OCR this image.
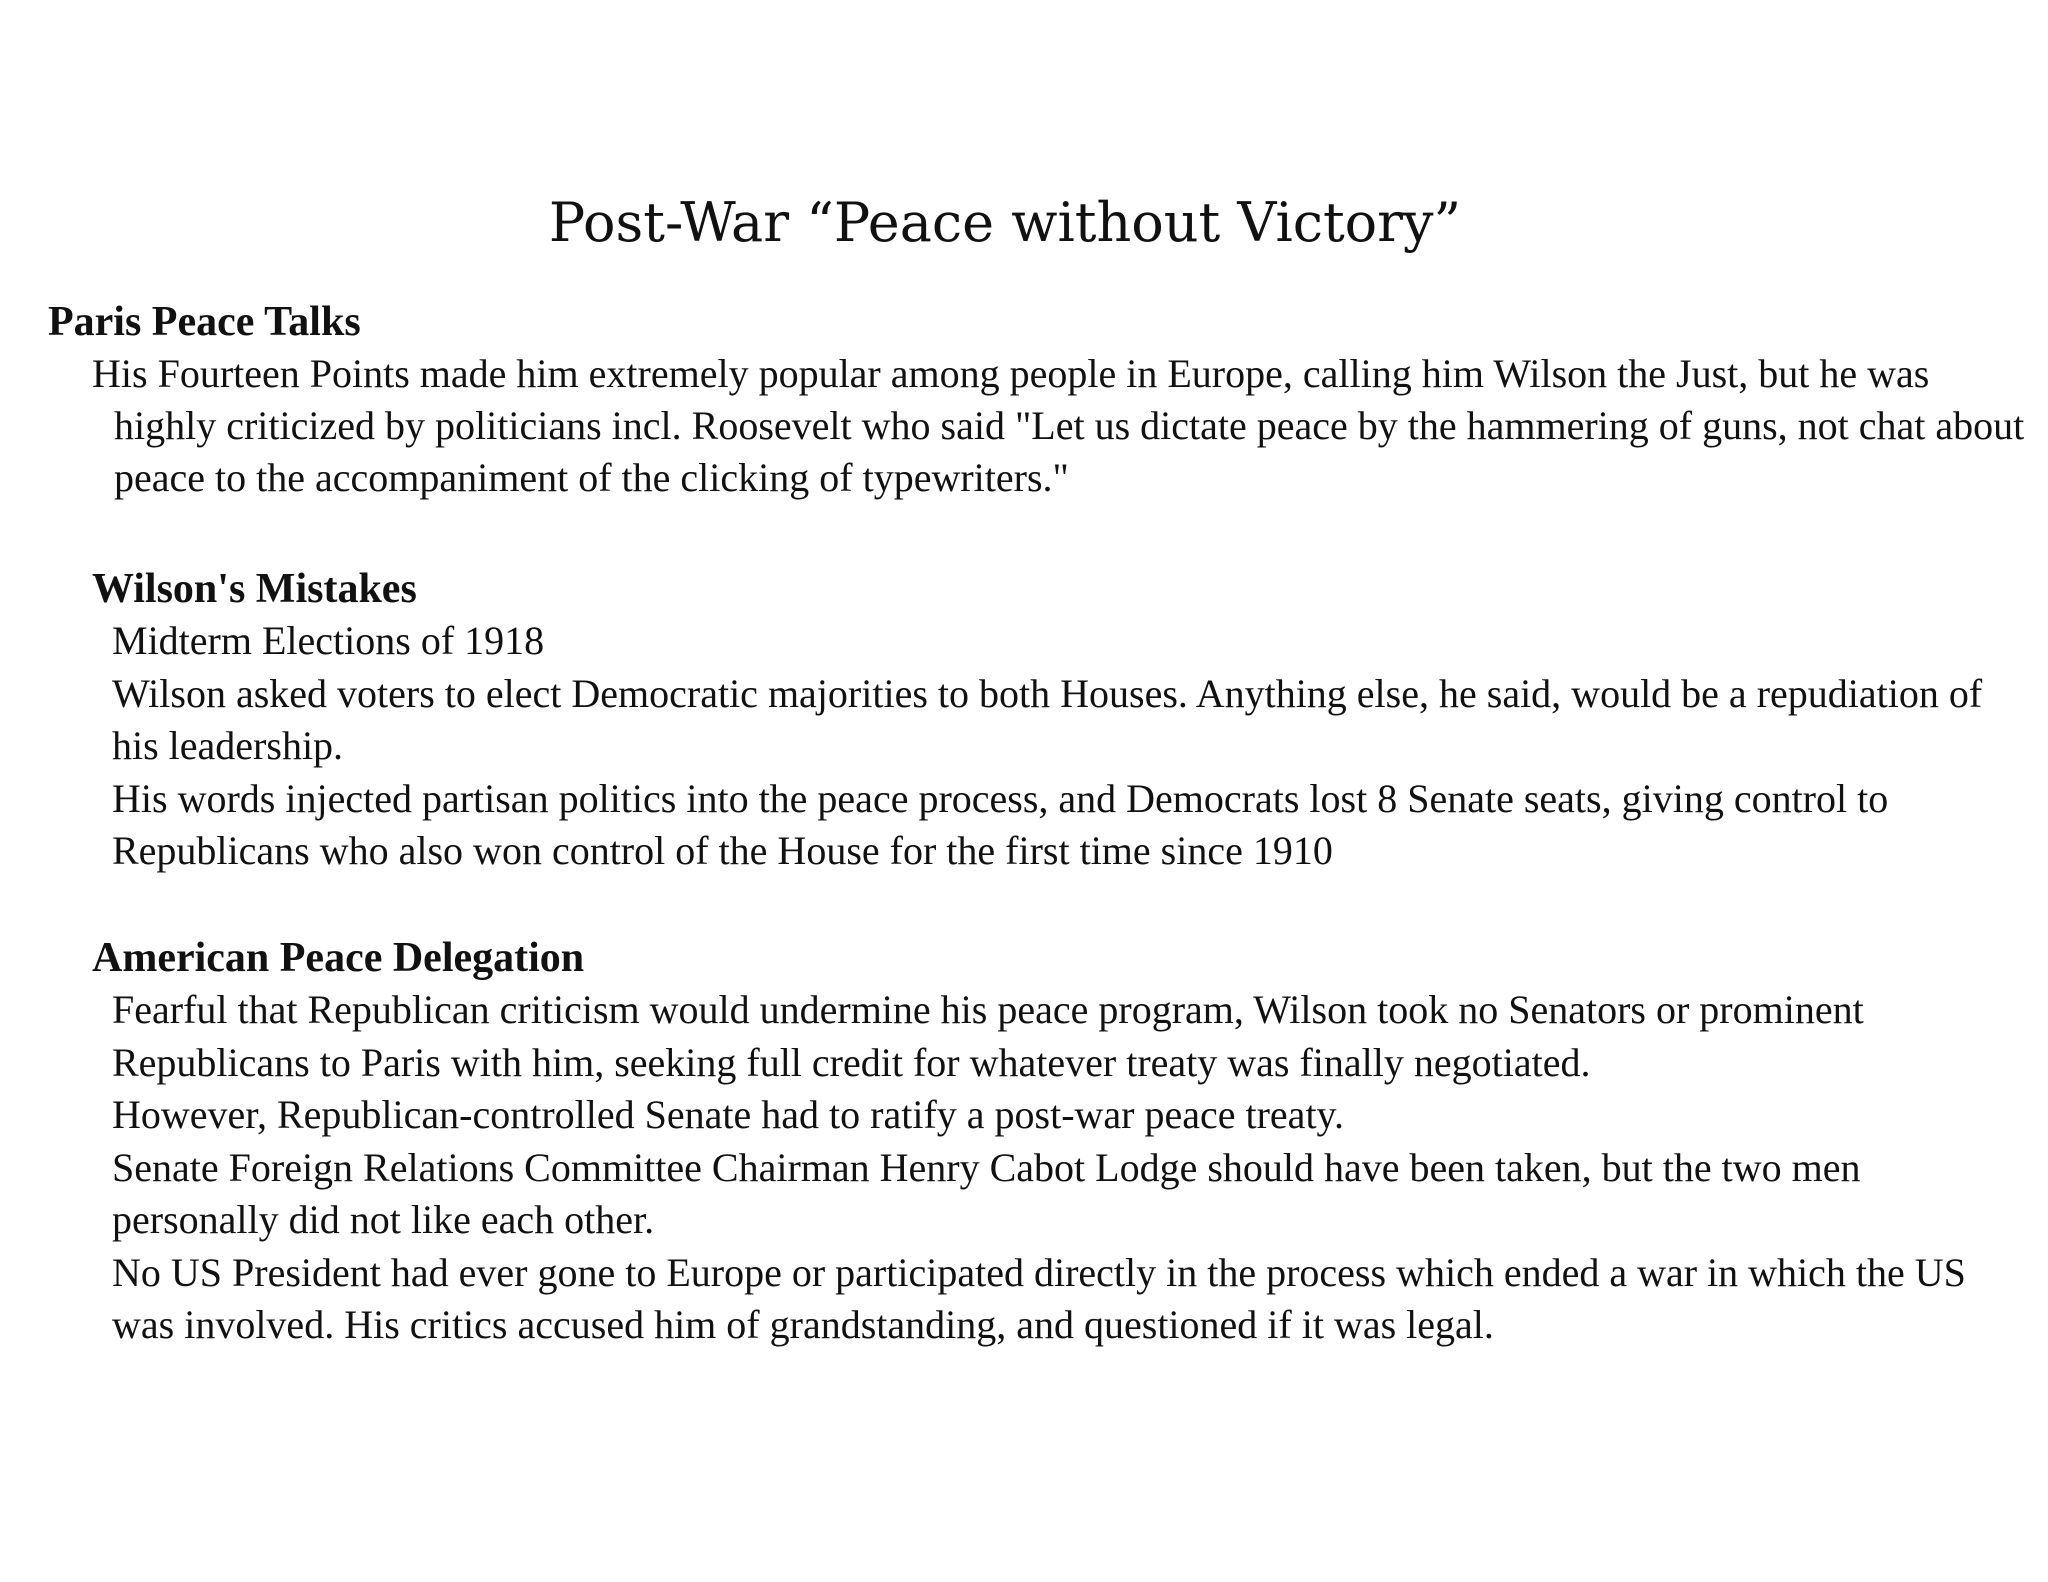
Post-War “Peace without Victory”
Paris Peace Talks

His Fourteen Points made him extremely popular among people in Europe, calling him Wilson the Just, but he was highly criticized by politicians incl. Roosevelt who said "Let us dictate peace by the hammering of guns, not chat about peace to the accompaniment of the clicking of typewriters."

Wilson's Mistakes

Midterm Elections of 1918

Wilson asked voters to elect Democratic majorities to both Houses. Anything else, he said, would be a repudiation of his leadership.

His words injected partisan politics into the peace process, and Democrats lost 8 Senate seats, giving control to Republicans who also won control of the House for the first time since 1910

American Peace Delegation

Fearful that Republican criticism would undermine his peace program, Wilson took no Senators or prominent Republicans to Paris with him, seeking full credit for whatever treaty was finally negotiated.

However, Republican-controlled Senate had to ratify a post-war peace treaty.

Senate Foreign Relations Committee Chairman Henry Cabot Lodge should have been taken, but the two men personally did not like each other.

No US President had ever gone to Europe or participated directly in the process which ended a war in which the US was involved. His critics accused him of grandstanding, and questioned if it was legal.
